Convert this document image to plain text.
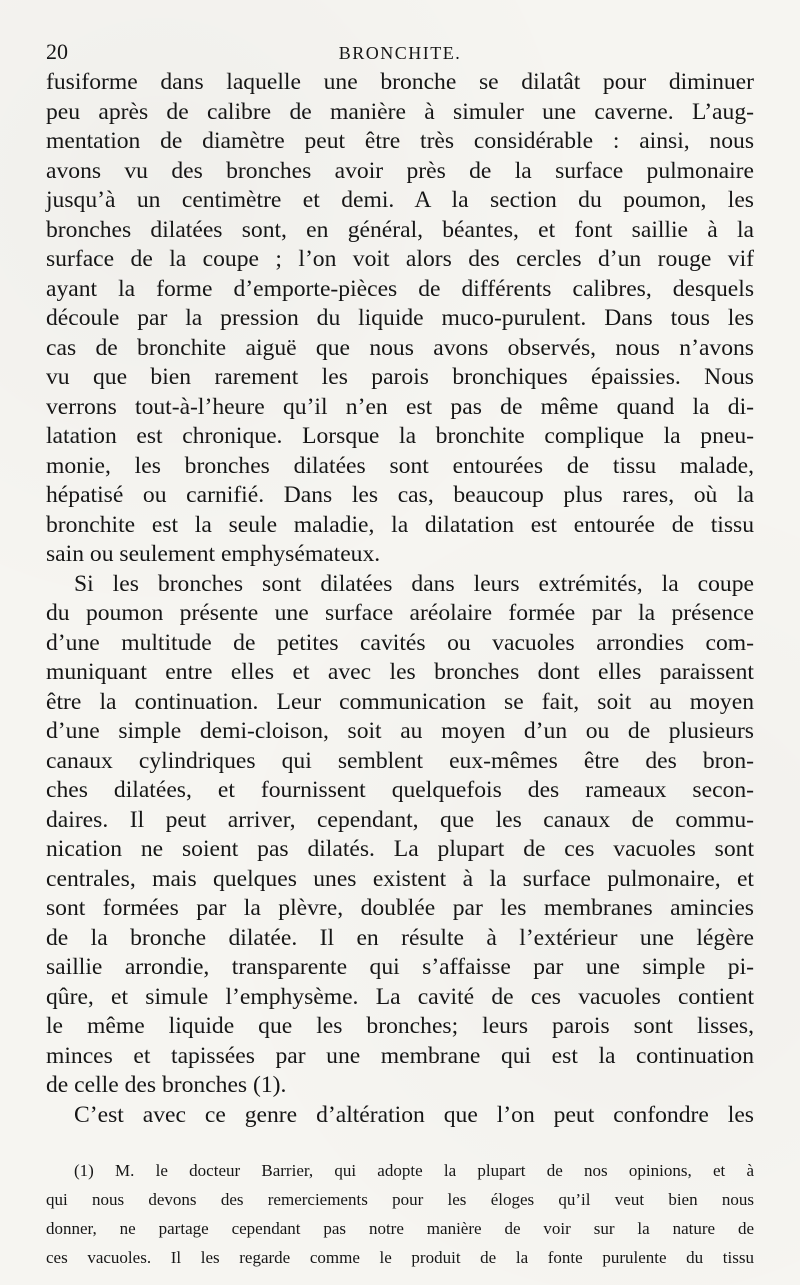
20	BRONCHITE.

fusiforme dans laquelle une bronche se dilatât pour diminuer

peu après de calibre de manière à simuler une caverne. L’aug-

mentation de diamètre peut être très considérable : ainsi, nous

avons vu des bronches avoir près de la surface pulmonaire

jusqu’à un centimètre et demi. A la section du poumon, les

bronches dilatées sont, en général, béantes, et font saillie à la

surface de la coupe ; l’on voit alors des cercles d’un rouge vif

ayant la forme d’emporte-pièces de différents calibres, desquels

découle par la pression du liquide muco-purulent. Dans tous les

cas de bronchite aiguë que nous avons observés, nous n’avons

vu que bien rarement les parois bronchiques épaissies. Nous

verrons tout-à-l’heure qu’il n’en est pas de même quand la di-

latation est chronique. Lorsque la bronchite complique la pneu-

monie, les bronches dilatées sont entourées de tissu malade,

hépatisé ou carnifié. Dans les cas, beaucoup plus rares, où la

bronchite est la seule maladie, la dilatation est entourée de tissu

sain ou seulement emphysémateux.

Si les bronches sont dilatées dans leurs extrémités, la coupe

du poumon présente une surface aréolaire formée par la présence

d’une multitude de petites cavités ou vacuoles arrondies com-

muniquant entre elles et avec les bronches dont elles paraissent

être la continuation. Leur communication se fait, soit au moyen

d’une simple demi-cloison, soit au moyen d’un ou de plusieurs

canaux cylindriques qui semblent eux-mêmes être des bron-

ches dilatées, et fournissent quelquefois des rameaux secon-

daires. Il peut arriver, cependant, que les canaux de commu-

nication ne soient pas dilatés. La plupart de ces vacuoles sont

centrales, mais quelques unes existent à la surface pulmonaire, et

sont formées par la plèvre, doublée par les membranes amincies

de la bronche dilatée. Il en résulte à l’extérieur une légère

saillie arrondie, transparente qui s’affaisse par une simple pi-

qûre, et simule l’emphysème. La cavité de ces vacuoles contient

le même liquide que les bronches; leurs parois sont lisses,

minces et tapissées par une membrane qui est la continuation

de celle des bronches (1).

C’est avec ce genre d’altération que l’on peut confondre les

(1) M. le docteur Barrier, qui adopte la plupart de nos opinions, et à

qui nous devons des remerciements pour les éloges qu’il veut bien nous

donner, ne partage cependant pas notre manière de voir sur la nature de

ces vacuoles. Il les regarde comme le produit de la fonte purulente du tissu
